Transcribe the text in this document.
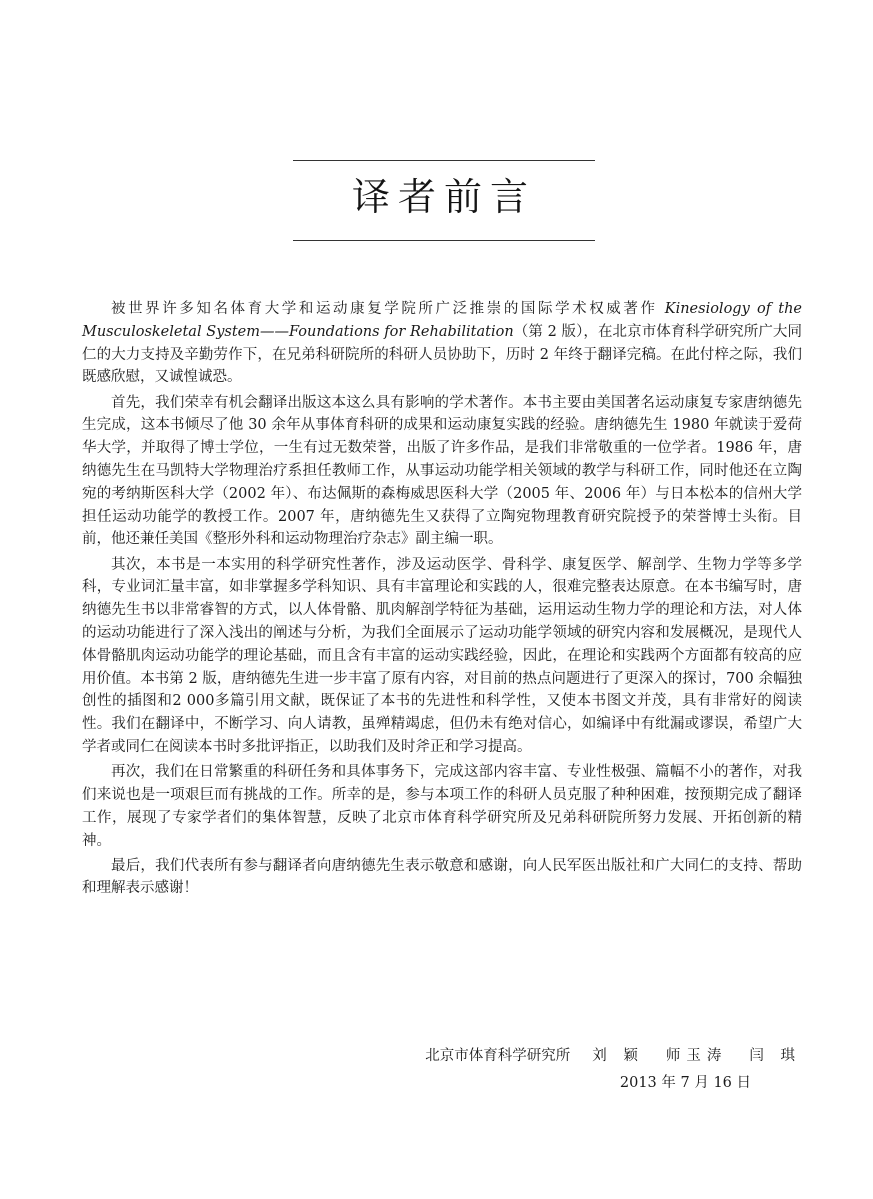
译者前言

被世界许多知名体育大学和运动康复学院所广泛推崇的国际学术权威著作 Kinesiology of the Musculoskeletal System——Foundations for Rehabilitation（第 2 版），在北京市体育科学研究所广大同仁的大力支持及辛勤劳作下，在兄弟科研院所的科研人员协助下，历时 2 年终于翻译完稿。在此付梓之际，我们既感欣慰，又诚惶诚恐。

首先，我们荣幸有机会翻译出版这本这么具有影响的学术著作。本书主要由美国著名运动康复专家唐纳德先生完成，这本书倾尽了他 30 余年从事体育科研的成果和运动康复实践的经验。唐纳德先生 1980 年就读于爱荷华大学，并取得了博士学位，一生有过无数荣誉，出版了许多作品，是我们非常敬重的一位学者。1986 年，唐纳德先生在马凯特大学物理治疗系担任教师工作，从事运动功能学相关领域的教学与科研工作，同时他还在立陶宛的考纳斯医科大学（2002 年）、布达佩斯的森梅威思医科大学（2005 年、2006 年）与日本松本的信州大学担任运动功能学的教授工作。2007 年，唐纳德先生又获得了立陶宛物理教育研究院授予的荣誉博士头衔。目前，他还兼任美国《整形外科和运动物理治疗杂志》副主编一职。

其次，本书是一本实用的科学研究性著作，涉及运动医学、骨科学、康复医学、解剖学、生物力学等多学科，专业词汇量丰富，如非掌握多学科知识、具有丰富理论和实践的人，很难完整表达原意。在本书编写时，唐纳德先生书以非常睿智的方式，以人体骨骼、肌肉解剖学特征为基础，运用运动生物力学的理论和方法，对人体的运动功能进行了深入浅出的阐述与分析，为我们全面展示了运动功能学领域的研究内容和发展概况，是现代人体骨骼肌肉运动功能学的理论基础，而且含有丰富的运动实践经验，因此，在理论和实践两个方面都有较高的应用价值。本书第 2 版，唐纳德先生进一步丰富了原有内容，对目前的热点问题进行了更深入的探讨，700 余幅独创性的插图和2 000多篇引用文献，既保证了本书的先进性和科学性，又使本书图文并茂，具有非常好的阅读性。我们在翻译中，不断学习、向人请教，虽殚精竭虑，但仍未有绝对信心，如编译中有纰漏或谬误，希望广大学者或同仁在阅读本书时多批评指正，以助我们及时斧正和学习提高。

再次，我们在日常繁重的科研任务和具体事务下，完成这部内容丰富、专业性极强、篇幅不小的著作，对我们来说也是一项艰巨而有挑战的工作。所幸的是，参与本项工作的科研人员克服了种种困难，按预期完成了翻译工作，展现了专家学者们的集体智慧，反映了北京市体育科学研究所及兄弟科研院所努力发展、开拓创新的精神。

最后，我们代表所有参与翻译者向唐纳德先生表示敬意和感谢，向人民军医出版社和广大同仁的支持、帮助和理解表示感谢！

北京市体育科学研究所 刘 颖 师玉涛 闫 琪
2013 年 7 月 16 日
